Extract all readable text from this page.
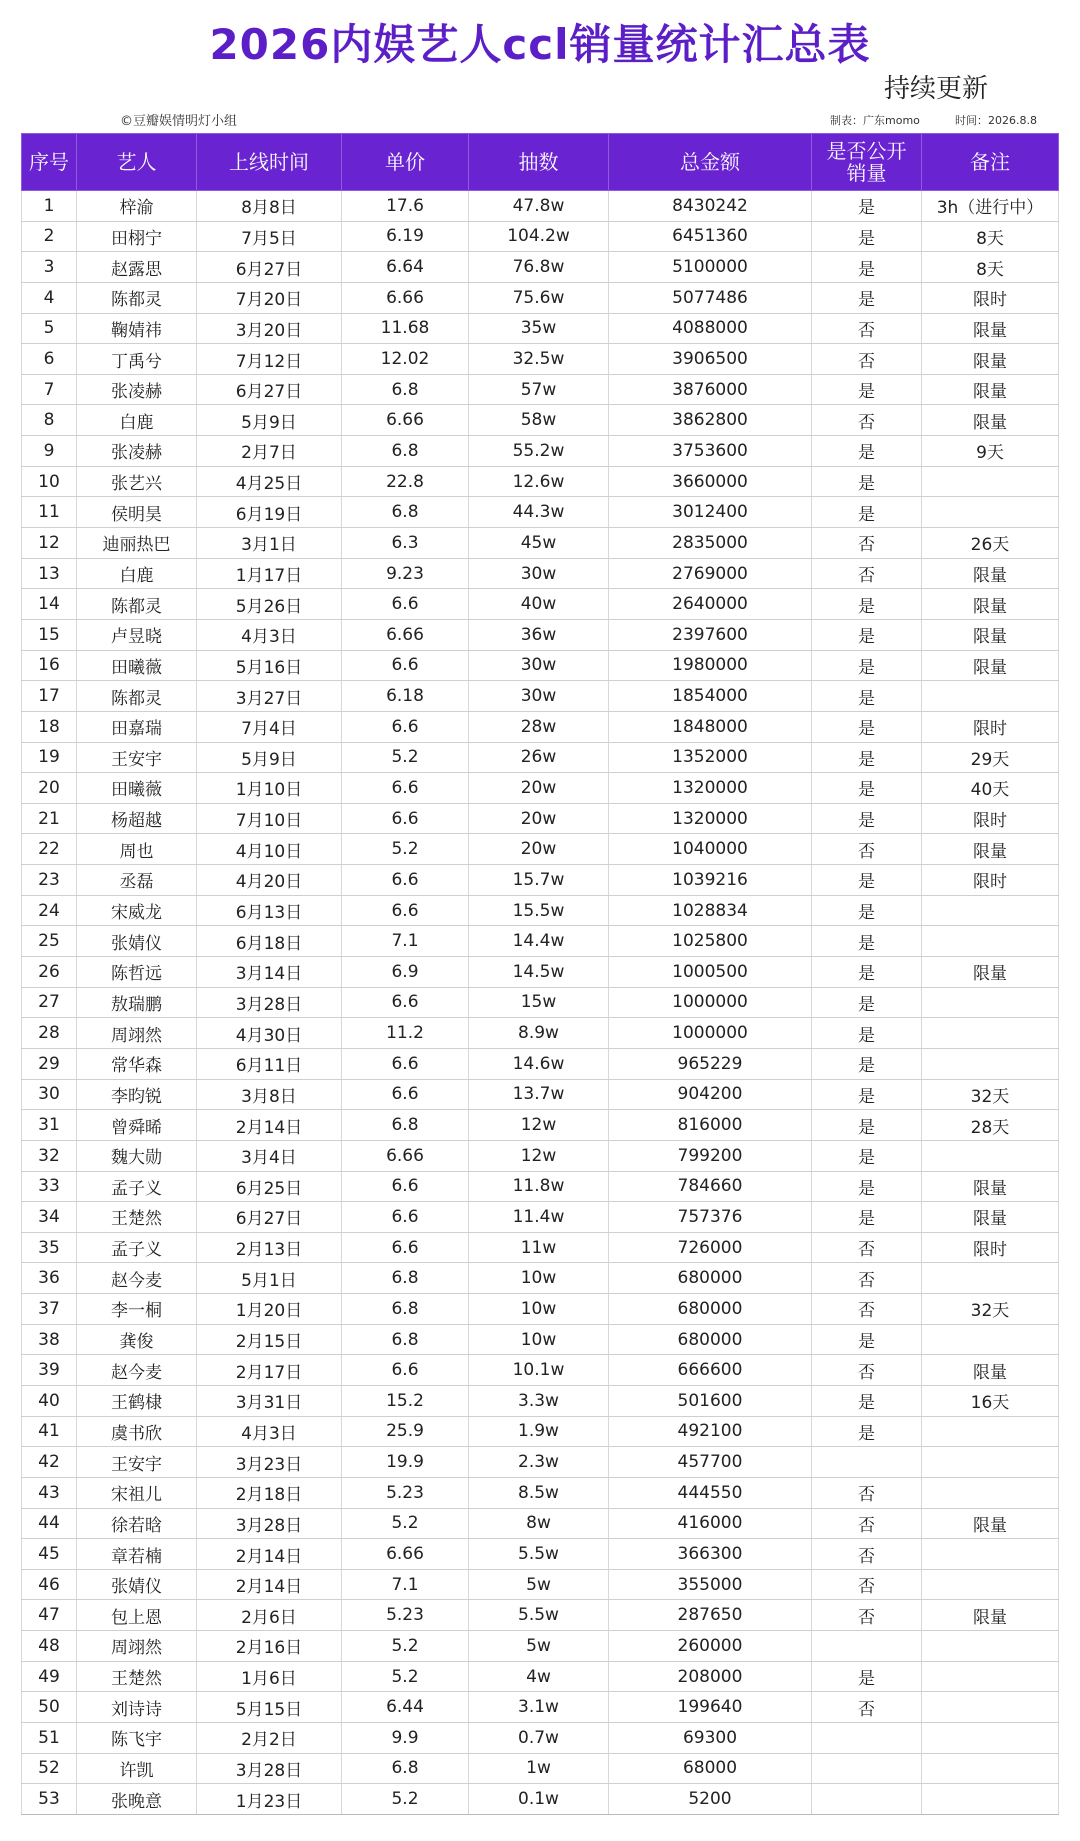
2026内娱艺人ccl销量统计汇总表
持续更新
©豆瓣娱情明灯小组	制表：广东momo	时间：2026.8.8
序号	艺人	上线时间	单价	抽数	总金额	是否公开销量	备注
1	梓渝	8月8日	17.6	47.8w	8430242	是	3h（进行中）
2	田栩宁	7月5日	6.19	104.2w	6451360	是	8天
3	赵露思	6月27日	6.64	76.8w	5100000	是	8天
4	陈都灵	7月20日	6.66	75.6w	5077486	是	限时
5	鞠婧祎	3月20日	11.68	35w	4088000	否	限量
6	丁禹兮	7月12日	12.02	32.5w	3906500	否	限量
7	张凌赫	6月27日	6.8	57w	3876000	是	限量
8	白鹿	5月9日	6.66	58w	3862800	否	限量
9	张凌赫	2月7日	6.8	55.2w	3753600	是	9天
10	张艺兴	4月25日	22.8	12.6w	3660000	是	
11	侯明昊	6月19日	6.8	44.3w	3012400	是	
12	迪丽热巴	3月1日	6.3	45w	2835000	否	26天
13	白鹿	1月17日	9.23	30w	2769000	否	限量
14	陈都灵	5月26日	6.6	40w	2640000	是	限量
15	卢昱晓	4月3日	6.66	36w	2397600	是	限量
16	田曦薇	5月16日	6.6	30w	1980000	是	限量
17	陈都灵	3月27日	6.18	30w	1854000	是	
18	田嘉瑞	7月4日	6.6	28w	1848000	是	限时
19	王安宇	5月9日	5.2	26w	1352000	是	29天
20	田曦薇	1月10日	6.6	20w	1320000	是	40天
21	杨超越	7月10日	6.6	20w	1320000	是	限时
22	周也	4月10日	5.2	20w	1040000	否	限量
23	丞磊	4月20日	6.6	15.7w	1039216	是	限时
24	宋威龙	6月13日	6.6	15.5w	1028834	是	
25	张婧仪	6月18日	7.1	14.4w	1025800	是	
26	陈哲远	3月14日	6.9	14.5w	1000500	是	限量
27	敖瑞鹏	3月28日	6.6	15w	1000000	是	
28	周翊然	4月30日	11.2	8.9w	1000000	是	
29	常华森	6月11日	6.6	14.6w	965229	是	
30	李昀锐	3月8日	6.6	13.7w	904200	是	32天
31	曾舜晞	2月14日	6.8	12w	816000	是	28天
32	魏大勋	3月4日	6.66	12w	799200	是	
33	孟子义	6月25日	6.6	11.8w	784660	是	限量
34	王楚然	6月27日	6.6	11.4w	757376	是	限量
35	孟子义	2月13日	6.6	11w	726000	否	限时
36	赵今麦	5月1日	6.8	10w	680000	否	
37	李一桐	1月20日	6.8	10w	680000	否	32天
38	龚俊	2月15日	6.8	10w	680000	是	
39	赵今麦	2月17日	6.6	10.1w	666600	否	限量
40	王鹤棣	3月31日	15.2	3.3w	501600	是	16天
41	虞书欣	4月3日	25.9	1.9w	492100	是	
42	王安宇	3月23日	19.9	2.3w	457700		
43	宋祖儿	2月18日	5.23	8.5w	444550	否	
44	徐若晗	3月28日	5.2	8w	416000	否	限量
45	章若楠	2月14日	6.66	5.5w	366300	否	
46	张婧仪	2月14日	7.1	5w	355000	否	
47	包上恩	2月6日	5.23	5.5w	287650	否	限量
48	周翊然	2月16日	5.2	5w	260000		
49	王楚然	1月6日	5.2	4w	208000	是	
50	刘诗诗	5月15日	6.44	3.1w	199640	否	
51	陈飞宇	2月2日	9.9	0.7w	69300		
52	许凯	3月28日	6.8	1w	68000		
53	张晚意	1月23日	5.2	0.1w	5200		
